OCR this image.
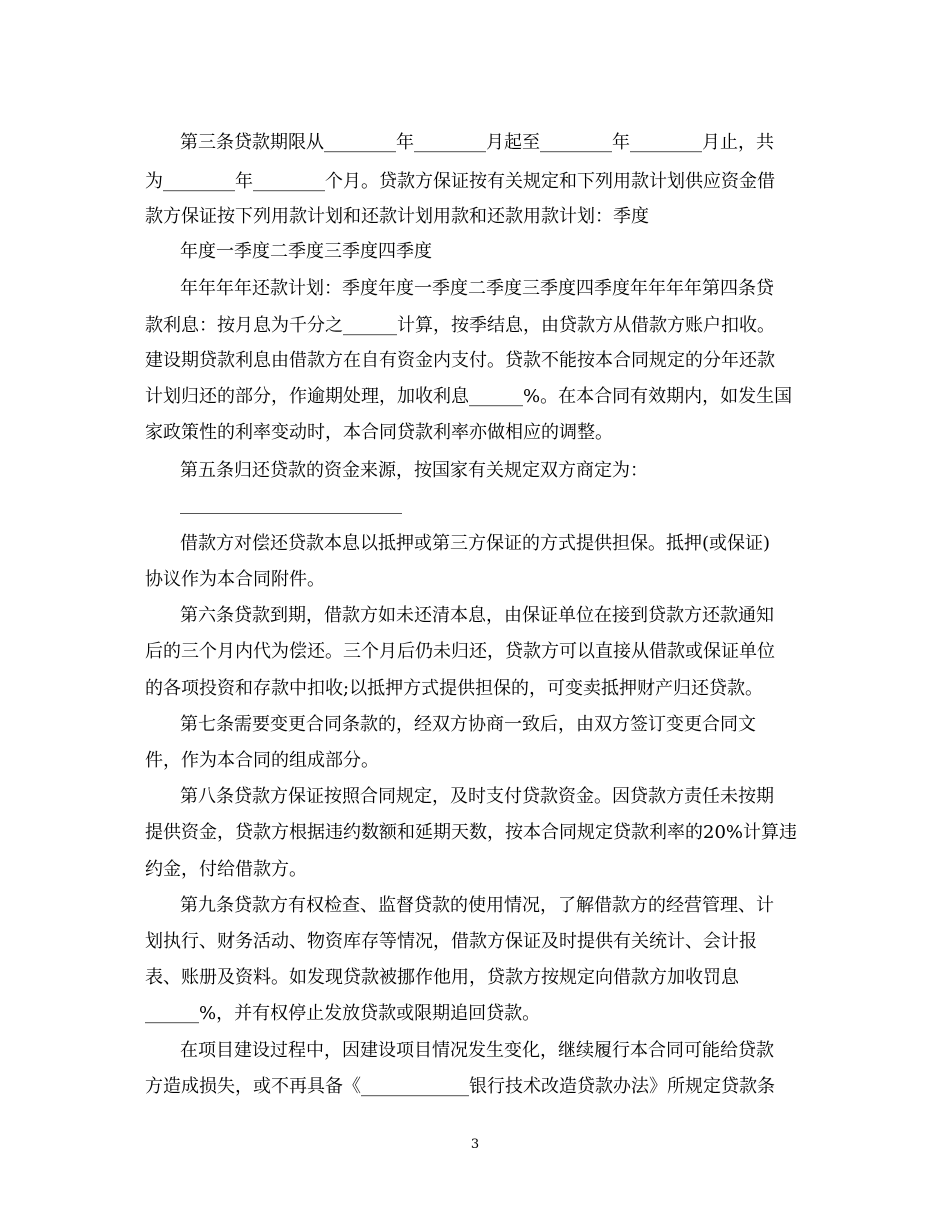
第三条贷款期限从________年________月起至________年________月止，共
为________年________个月。贷款方保证按有关规定和下列用款计划供应资金借
款方保证按下列用款计划和还款计划用款和还款用款计划：季度
年度一季度二季度三季度四季度
年年年年还款计划：季度年度一季度二季度三季度四季度年年年年第四条贷
款利息：按月息为千分之______计算，按季结息，由贷款方从借款方账户扣收。
建设期贷款利息由借款方在自有资金内支付。贷款不能按本合同规定的分年还款
计划归还的部分，作逾期处理，加收利息______%。在本合同有效期内，如发生国
家政策性的利率变动时，本合同贷款利率亦做相应的调整。
第五条归还贷款的资金来源，按国家有关规定双方商定为：
借款方对偿还贷款本息以抵押或第三方保证的方式提供担保。抵押(或保证)
协议作为本合同附件。
第六条贷款到期，借款方如未还清本息，由保证单位在接到贷款方还款通知
后的三个月内代为偿还。三个月后仍未归还，贷款方可以直接从借款或保证单位
的各项投资和存款中扣收;以抵押方式提供担保的，可变卖抵押财产归还贷款。
第七条需要变更合同条款的，经双方协商一致后，由双方签订变更合同文
件，作为本合同的组成部分。
第八条贷款方保证按照合同规定，及时支付贷款资金。因贷款方责任未按期
提供资金，贷款方根据违约数额和延期天数，按本合同规定贷款利率的20%计算违
约金，付给借款方。
第九条贷款方有权检查、监督贷款的使用情况，了解借款方的经营管理、计
划执行、财务活动、物资库存等情况，借款方保证及时提供有关统计、会计报
表、账册及资料。如发现贷款被挪作他用，贷款方按规定向借款方加收罚息
______%，并有权停止发放贷款或限期追回贷款。
在项目建设过程中，因建设项目情况发生变化，继续履行本合同可能给贷款
方造成损失，或不再具备《____________银行技术改造贷款办法》所规定贷款条
3
